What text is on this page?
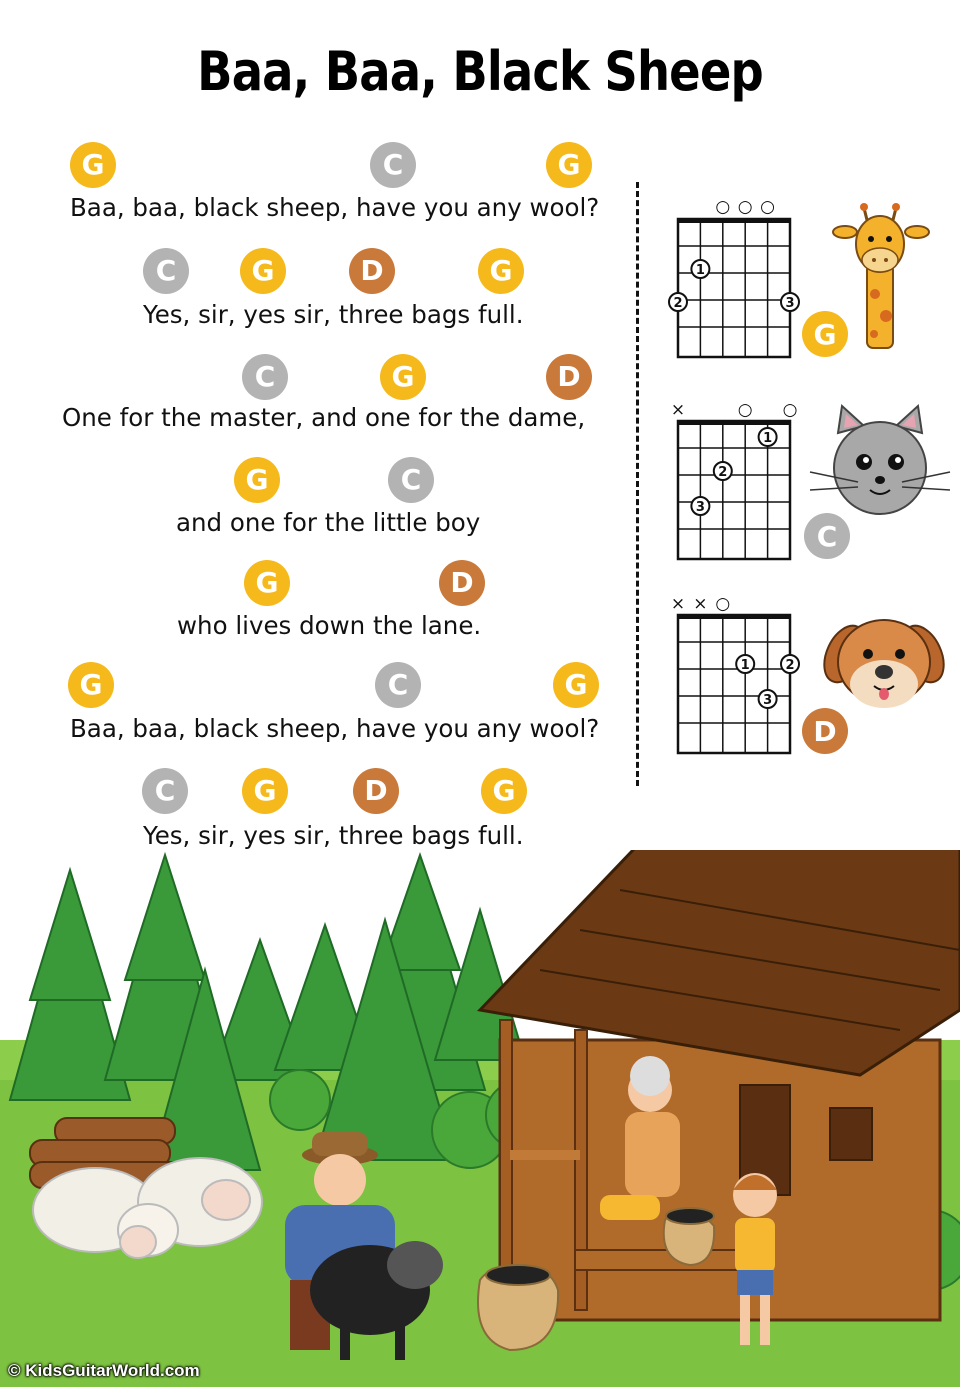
Baa, Baa, Black Sheep
G	C	G
Baa, baa, black sheep, have you any wool?
C	G	D	G
Yes, sir, yes sir, three bags full.
C	G	D
One for the master, and one for the dame,
G	C
and one for the little boy
G	D
who lives down the lane.
G	C	G
Baa, baa, black sheep, have you any wool?
C	G	D	G
Yes, sir, yes sir, three bags full.
○ ○ ○
1
2	3
G
×	○ ○
1
2
3
C
× × ○
1	2
3
D
© KidsGuitarWorld.com
